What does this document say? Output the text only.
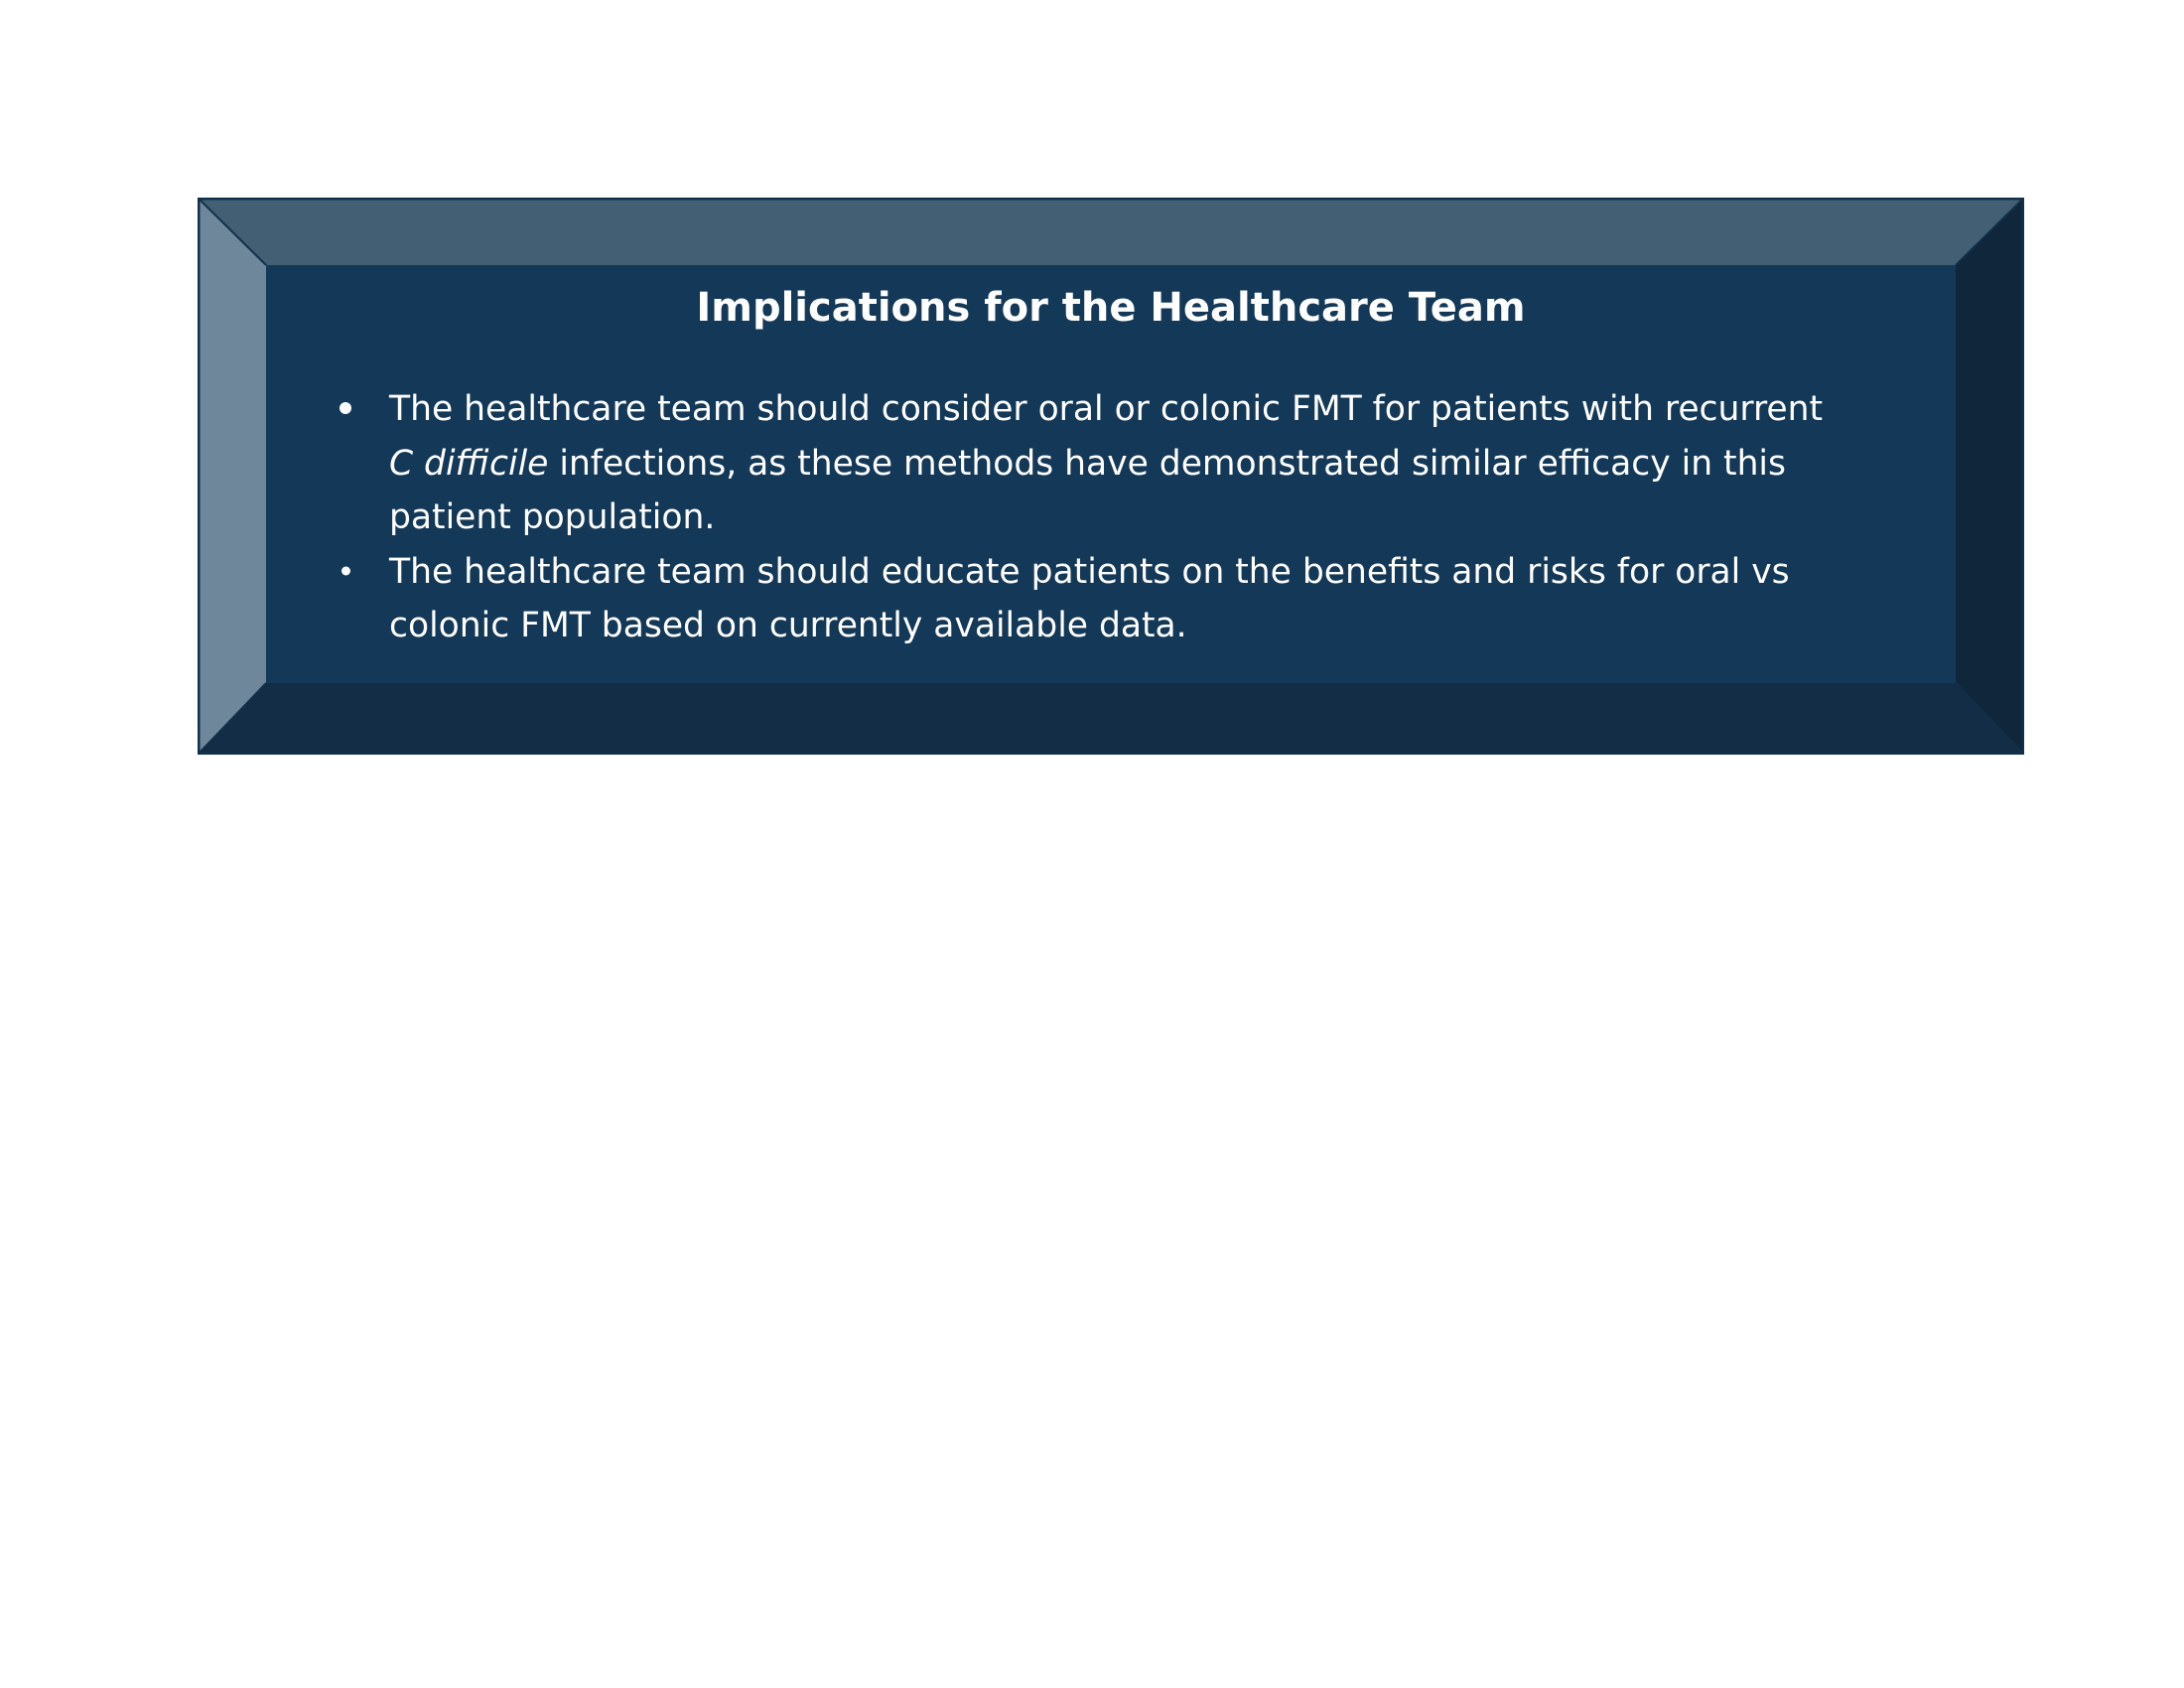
Implications for the Healthcare Team
The healthcare team should consider oral or colonic FMT for patients with recurrent
C difficile infections, as these methods have demonstrated similar efficacy in this
patient population.
The healthcare team should educate patients on the benefits and risks for oral vs
colonic FMT based on currently available data.
